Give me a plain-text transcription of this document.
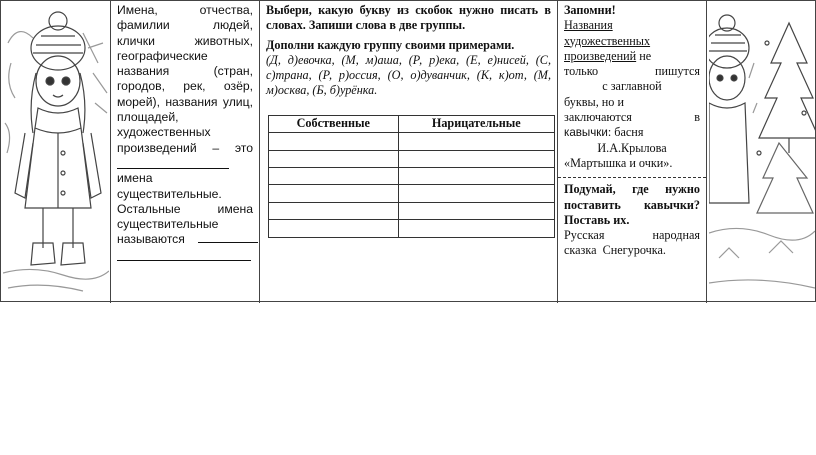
Имена,	отчества,
фамилии	людей,
клички	животных,
географические
названия	(стран,
городов, рек, озёр,
морей), названия улиц,
площадей,
художественных
произведений – это
имена
существительные.
Остальные	имена
существительные
называются
Выбери, какую букву из скобок нужно писать в словах. Запиши слова в две группы.
Дополни каждую группу своими примерами.
(Д, д)евочка, (М, м)аша, (Р, р)ека, (Е, е)нисей, (С, с)трана, (Р, р)оссия, (О, о)дуванчик, (К, к)от, (М, м)осква, (Б, б)урёнка.
Собственные	Нарицательные

Запомни!
Названия художественных произведений не
только	пишутся
с заглавной
буквы, но и
заключаются	в
кавычки: басня
И.А.Крылова
«Мартышка и очки».
Подумай, где нужно поставить кавычки? Поставь их.
Русская	народная
сказка  Снегурочка.
